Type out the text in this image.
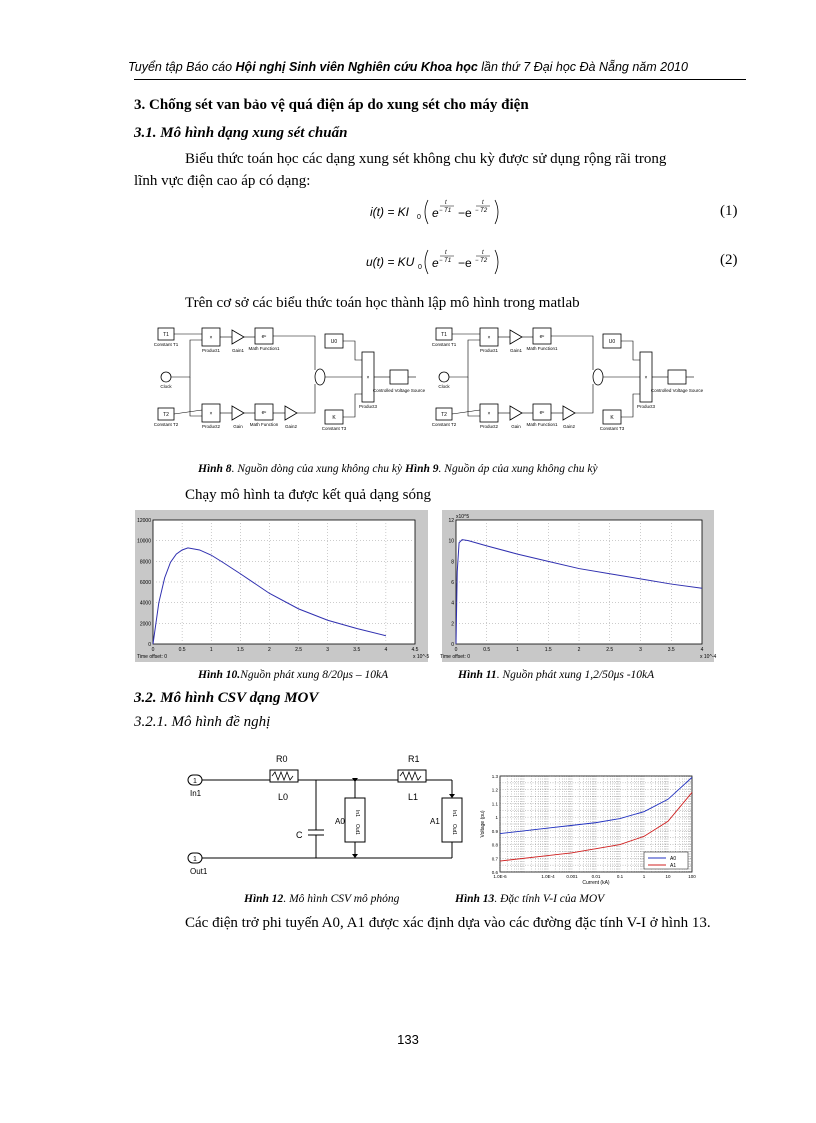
Tuyển tập Báo cáo Hội nghị Sinh viên Nghiên cứu Khoa học lần thứ 7 Đại học Đà Nẵng năm 2010
3. Chống sét van bảo vệ quá điện áp do xung sét cho máy điện
3.1. Mô hình dạng xung sét chuẩn
Biểu thức toán học các dạng xung sét không chu kỳ được sử dụng rộng rãi trong
lĩnh vực điện cao áp có dạng:
i(t) = KI 0 e
t
− T1 −e
t
− T2	(1)
u(t) = KU 0 e
t
− T1 −e
t
− T2	(2)
Trên cơ sở các biểu thức toán học thành lập mô hình trong matlab
T1
Constant T1
Clock
T2
Constant T2
×
Product1	Gain1
eᵘ
Math Function1
×
Product2	Gain
eᵘ
Math Function Gain2
U0
K
Constant T3
×
Product3
Controlled Voltage Source
T1
Constant T1
Clock
T2
Constant T2
×
Product1	Gain1
eᵘ
Math Function1
×
Product2	Gain
eᵘ
Math Function1 Gain2
U0
K
Constant T3
×
Product3
Controlled Voltage Source
Hình 8. Nguồn dòng của xung không chu kỳ Hình 9. Nguồn áp của xung không chu kỳ
Chạy mô hình ta được kết quả dạng sóng
0	0.5	1	1.5	2	2.5	3	3.5	4	4.5
0
2000
4000
6000
8000
10000
12000
Time offset: 0	x 10^-5
0	0.5	1	1.5	2	2.5	3	3.5	4
0
2
4
6
8
10
12
Time offset: 0	x 10^-4
x10^5
Hình 10.Nguồn phát xung 8/20μs – 10kA	Hình 11. Nguồn phát xung 1,2/50μs -10kA
3.2. Mô hình CSV dạng MOV
3.2.1. Mô hình đề nghị
1
1
In1
Out1
R0
L0
R1
L1
C
A0	A1
In1
Out1
In1
Out1
1.0E-6	1.0E-4	0.001	0.01	0.1	1	10	100
0.6
0.7
0.8
0.9
1
1.1
1.2
1.3
Current (kA)
Voltage (pu)
A0
A1
Hình 12. Mô hình CSV mô phỏng	Hình 13. Đặc tính V-I của MOV
Các điện trở phi tuyến A0, A1 được xác định dựa vào các đường đặc tính V-I ở hình 13.
133
